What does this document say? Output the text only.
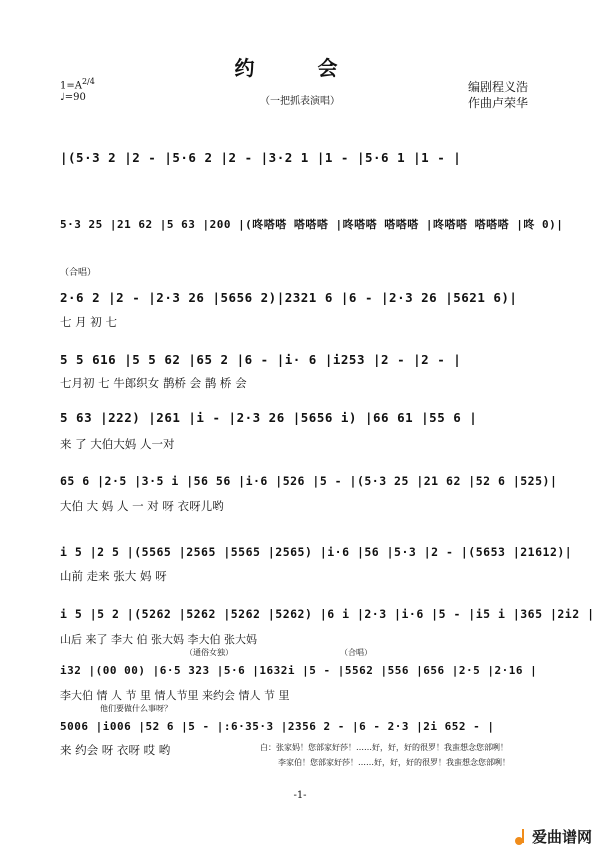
约 会
（一把抓表演唱）
$1=A^{2/4}$
♩=90
编剧程义浩
作曲卢荣华
|(5·3 2 |2 - |5·6 2 |2 - |3·2 1 |1 - |5·6 1 |1 - |
5·3 25 |21 62 |5 63 |200 |(咚嗒嗒 嗒嗒嗒 |咚嗒嗒 嗒嗒嗒 |咚嗒嗒 嗒嗒嗒 |咚 0)|
（合唱）
2·6 2 |2 - |2·3 26 |5656 2)|2321 6 |6 - |2·3 26 |5621 6)|
七 月 初 七
5 5 616 |5 5 62 |65 2 |6 - |i· 6 |i253 |2 - |2 - |
七月初 七 牛郎织女 鹊桥 会 鹊 桥 会
5 63 |222) |261 |i - |2·3 26 |5656 i) |66 61 |55 6 |
来 了 大伯大妈 人一对
65 6 |2·5 |3·5 i |56 56 |i·6 |526 |5 - |(5·3 25 |21 62 |52 6 |525)|
大伯 大 妈 人 一 对 呀 衣呀儿哟
i 5 |2 5 |(5565 |2565 |5565 |2565) |i·6 |56 |5·3 |2 - |(5653 |21612)|
山前 走来 张大 妈 呀
i 5 |5 2 |(5262 |5262 |5262 |5262) |6 i |2·3 |i·6 |5 - |i5 i |365 |2i2 |
山后 来了 李大 伯 张大妈 李大伯 张大妈
（通俗女独）	（合唱）
i32 |(00 00) |6·5 323 |5·6 |1632i |5 - |5562 |556 |656 |2·5 |2·16 |
李大伯 情 人 节 里 情人节里 来约会 情人 节 里
他们要做什么事呀？
5006 |i006 |52 6 |5 - |:6·35·3 |2356 2 - |6 - 2·3 |2i 652 - |
来 约会 呀 衣呀 哎 哟	白：张家妈！您部家好莎！……好，好，好的很罗！我蛮想念您部咧！
李家伯！您部家好莎！……好，好，好的很罗！我蛮想念您部咧！
-1-
爱曲谱网
